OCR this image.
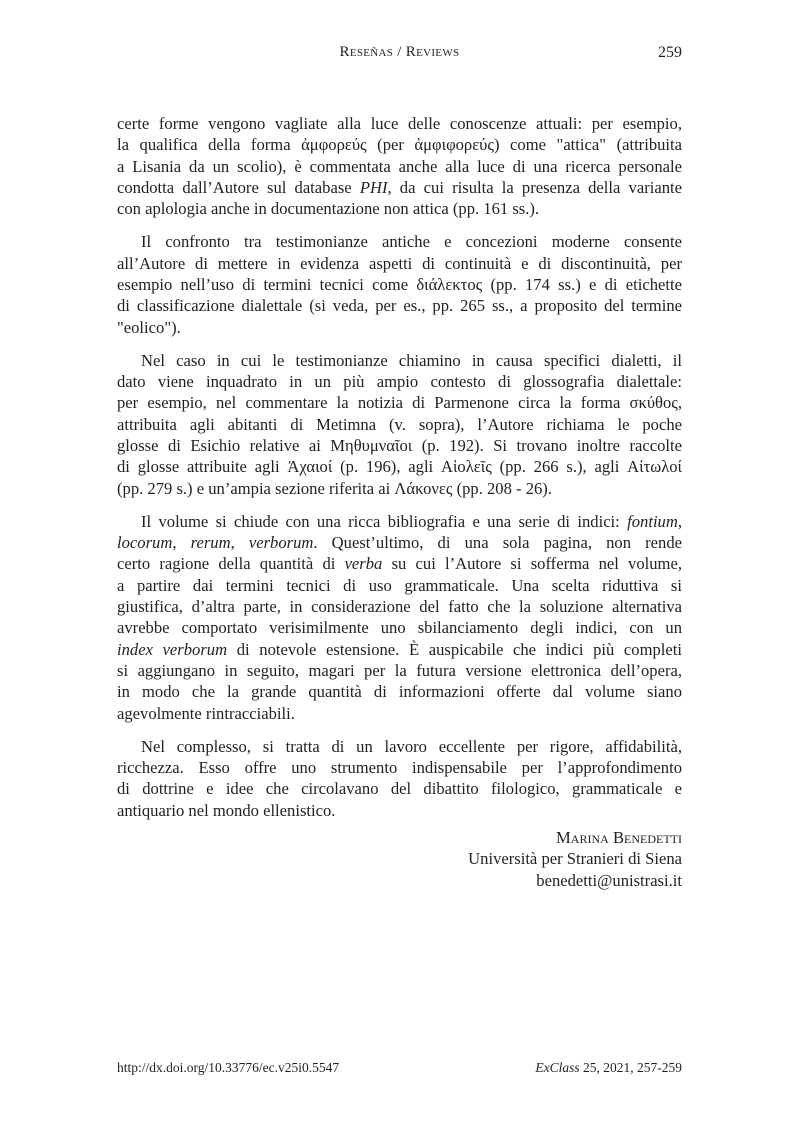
Reseñas / Reviews	259
certe forme vengono vagliate alla luce delle conoscenze attuali: per esempio,
la qualifica della forma ἀμφορεύς (per ἀμφιφορεύς) come "attica" (attribuita
a Lisania da un scolio), è commentata anche alla luce di una ricerca personale
condotta dall’Autore sul database PHI, da cui risulta la presenza della variante
con aplologia anche in documentazione non attica (pp. 161 ss.).
Il confronto tra testimonianze antiche e concezioni moderne consente
all’Autore di mettere in evidenza aspetti di continuità e di discontinuità, per
esempio nell’uso di termini tecnici come διάλεκτος (pp. 174 ss.) e di etichette
di classificazione dialettale (si veda, per es., pp. 265 ss., a proposito del termine
"eolico").
Nel caso in cui le testimonianze chiamino in causa specifici dialetti, il
dato viene inquadrato in un più ampio contesto di glossografia dialettale:
per esempio, nel commentare la notizia di Parmenone circa la forma σκύθος,
attribuita agli abitanti di Metimna (v. sopra), l’Autore richiama le poche
glosse di Esichio relative ai Μηθυμναῖοι (p. 192). Si trovano inoltre raccolte
di glosse attribuite agli Ἀχαιοί (p. 196), agli Αἰολεῖς (pp. 266 s.), agli Αἰτωλοί
(pp. 279 s.) e un’ampia sezione riferita ai Λάκονες (pp. 208 - 26).
Il volume si chiude con una ricca bibliografia e una serie di indici: fontium,
locorum, rerum, verborum. Quest’ultimo, di una sola pagina, non rende
certo ragione della quantità di verba su cui l’Autore si sofferma nel volume,
a partire dai termini tecnici di uso grammaticale. Una scelta riduttiva si
giustifica, d’altra parte, in considerazione del fatto che la soluzione alternativa
avrebbe comportato verisimilmente uno sbilanciamento degli indici, con un
index verborum di notevole estensione. È auspicabile che indici più completi
si aggiungano in seguito, magari per la futura versione elettronica dell’opera,
in modo che la grande quantità di informazioni offerte dal volume siano
agevolmente rintracciabili.
Nel complesso, si tratta di un lavoro eccellente per rigore, affidabilità,
ricchezza. Esso offre uno strumento indispensabile per l’approfondimento
di dottrine e idee che circolavano del dibattito filologico, grammaticale e
antiquario nel mondo ellenistico.
Marina Benedetti
Università per Stranieri di Siena
benedetti@unistrasi.it
http://dx.doi.org/10.33776/ec.v25i0.5547	ExClass 25, 2021, 257-259
